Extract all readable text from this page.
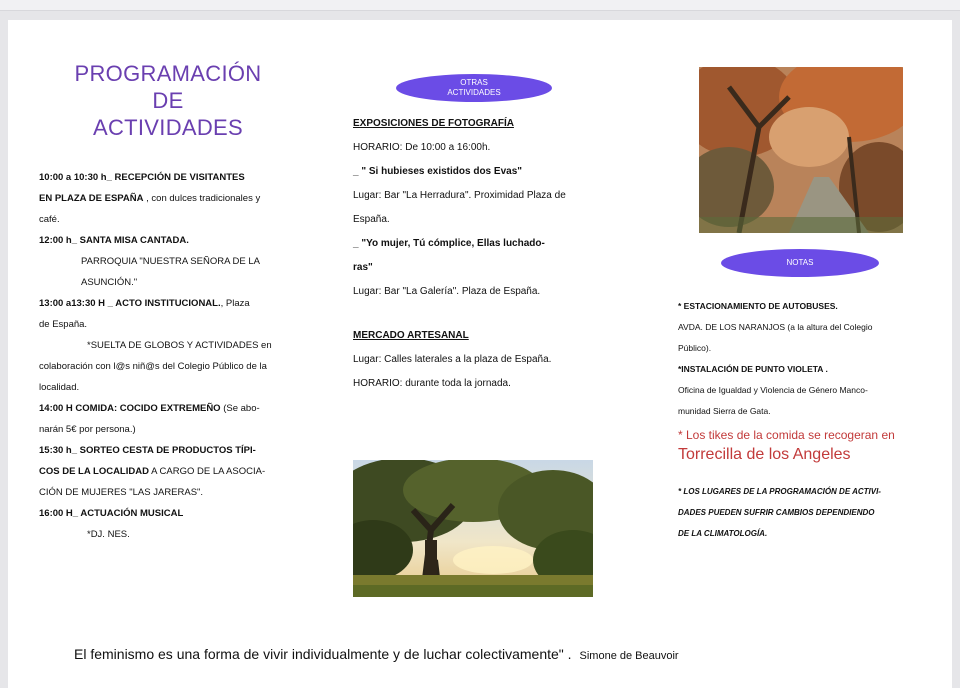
PROGRAMACIÓN
DE
ACTIVIDADES

10:00 a 10:30 h_ RECEPCIÓN DE VISITANTES

EN PLAZA DE ESPAÑA , con dulces tradicionales y

café.

12:00 h_ SANTA MISA CANTADA.

PARROQUIA "NUESTRA SEÑORA DE LA

ASUNCIÓN."

13:00 a13:30 H _ ACTO INSTITUCIONAL., Plaza

de España.

*SUELTA DE GLOBOS Y ACTIVIDADES en

colaboración con l@s niñ@s del Colegio Público de la

localidad.

14:00 H COMIDA: COCIDO EXTREMEÑO (Se abo-

narán 5€ por persona.)

15:30 h_ SORTEO CESTA DE PRODUCTOS TÍPI-

COS DE LA LOCALIDAD A CARGO DE LA ASOCIA-

CIÓN DE MUJERES "LAS JARERAS".

16:00 H_ ACTUACIÓN MUSICAL

*DJ. NES.

OTRAS
ACTIVIDADES

EXPOSICIONES DE FOTOGRAFÍA

HORARIO: De 10:00 a 16:00h.

_ " Si hubieses existidos dos Evas"

Lugar: Bar "La Herradura". Proximidad Plaza de

España.

_ "Yo mujer, Tú cómplice, Ellas luchado-

ras"

Lugar: Bar "La Galería". Plaza de España.

MERCADO ARTESANAL

Lugar: Calles laterales a la plaza de España.

HORARIO: durante toda la jornada.

NOTAS

* ESTACIONAMIENTO DE AUTOBUSES.

AVDA. DE LOS NARANJOS (a la altura del Colegio

Público).

*INSTALACIÓN DE PUNTO VIOLETA .

Oficina de Igualdad y Violencia de Género Manco-

munidad Sierra de Gata.

* Los tikes de la comida se recogeran en

Torrecilla de los Angeles

* LOS LUGARES DE LA PROGRAMACIÓN DE ACTIVI-

DADES PUEDEN SUFRIR CAMBIOS DEPENDIENDO

DE LA CLIMATOLOGÍA.

El feminismo es una forma de vivir individualmente y de luchar colectivamente" . Simone de Beauvoir
